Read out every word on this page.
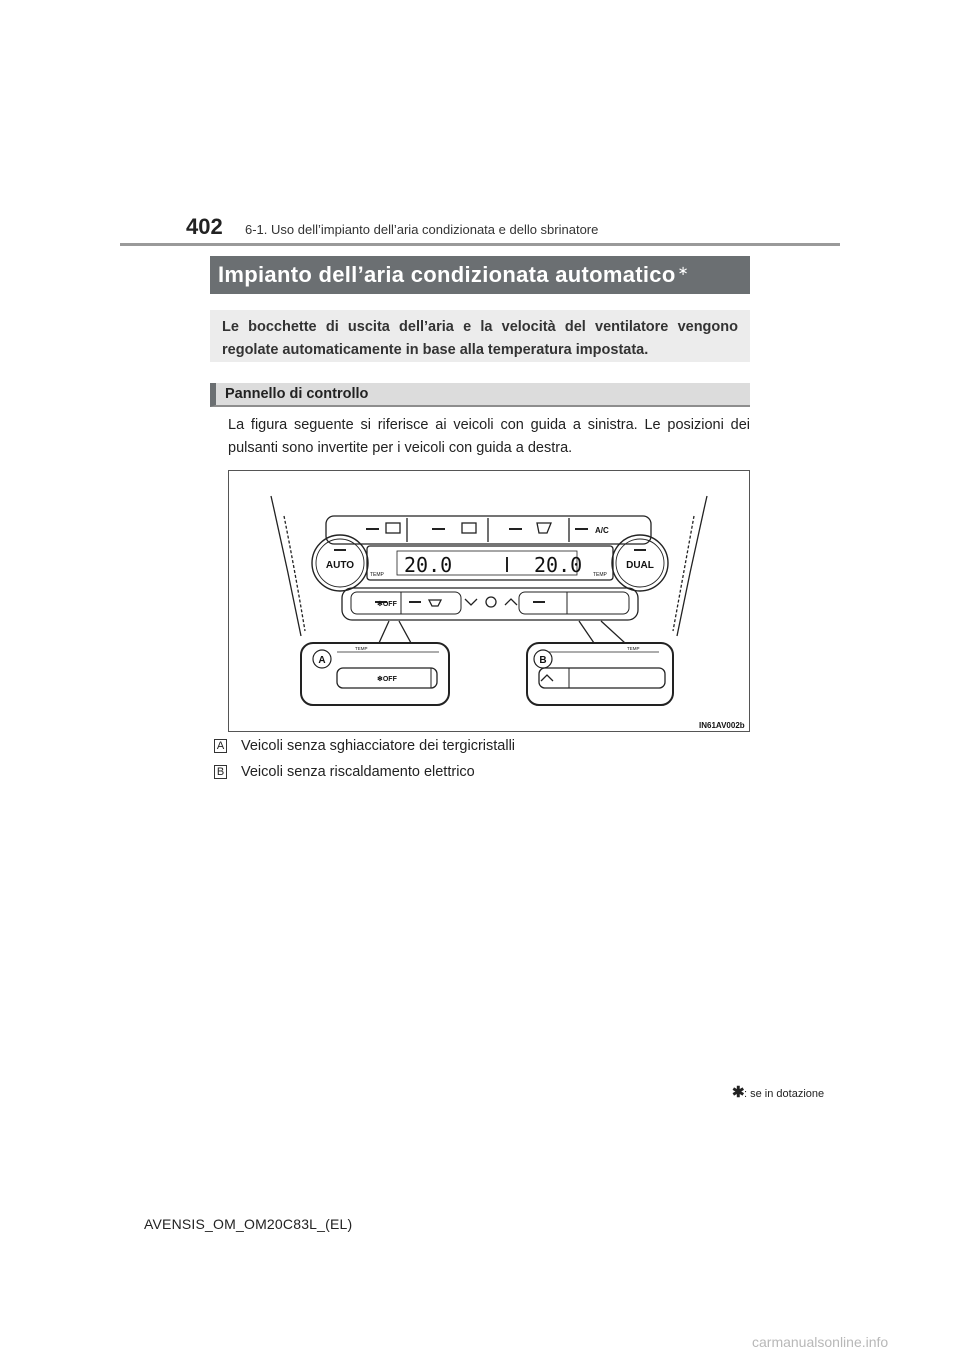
402 6-1. Uso dell’impianto dell’aria condizionata e dello sbrinatore
Impianto dell’aria condizionata automatico ∗
Le bocchette di uscita dell’aria e la velocità del ventilatore vengono regolate automaticamente in base alla temperatura impostata.
Pannello di controllo
La figura seguente si riferisce ai veicoli con guida a sinistra. Le posizioni dei pulsanti sono invertite per i veicoli con guida a destra.
AUTO	DUAL
TEMP	TEMP
20.0	20.0
A/C
❄OFF
TEMP
❄OFF
TEMP
A	B
IN61AV002b
A Veicoli senza sghiacciatore dei tergicristalli
B Veicoli senza riscaldamento elettrico
✱ : se in dotazione
AVENSIS_OM_OM20C83L_(EL)
carmanualsonline.info
